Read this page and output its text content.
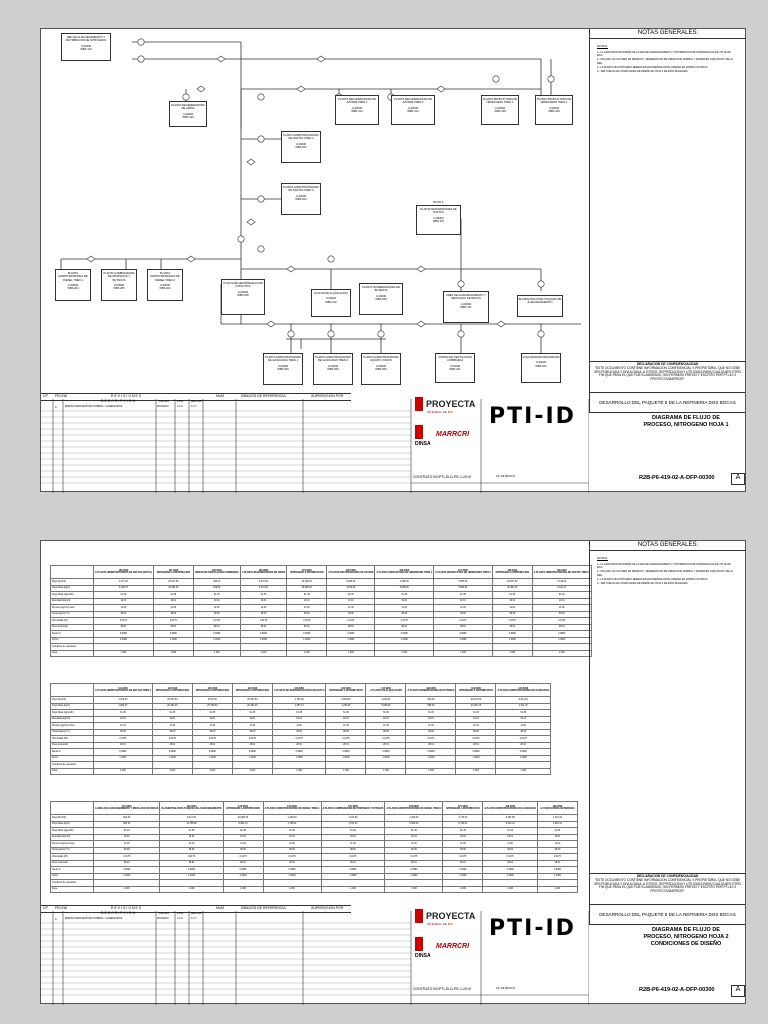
RED DE ALMACENAMIENTO Y DISTRIBUCION DE NITROGENO
U-00000
WBS 419
PLANTA REGENERADORA DE AMINA
U-00000
WBS 413
PLANTA RECUPERADORA DE AZUFRE TREN 1
U-00000
WBS 414
PLANTA RECUPERADORA DE AZUFRE TREN 2
U-00000
WBS 414
PLANTA PRODUCTORA DE HIDROGENO TREN 1
U-00000
WBS 418
PLANTA PRODUCTORA DE HIDROGENO TREN 2
U-00000
WBS 418
PLANTA HIDROTRATADORA DE NAFTAS TREN 1
U-00000
WBS 203
PLANTA HIDROTRATADORA DE NAFTAS TREN 2
U-00000
WBS 203
NOTA 2
PLANTA REFORMADORA DE NAFTAS
U-00000
WBS 207
PLANTA HIDROTRATADORA DE DIESEL TREN 1
U-00000
WBS 204
PLANTA COMBINADORA DE PROPANOS Y BUTANOS
U-00000
WBS 205
PLANTA HIDROTRATADORA DE DIESEL TREN 2
U-00000
WBS 204
PLANTA DE DESINTEGRACION CATALITICA
U-00000
WBS 208
PLANTA DE ALQUILACION
U-00000
WBS 212
PLANTA ISOMERIZADORA DE BUTANOS
U-00000
WBS 209
AREA DE ALMACENAMIENTO Y MEZCLADO DE BOCAS
U-00000
WBS 421
BLANKETING PARA TANQUES DE ALMACENAMIENTO
PLANTA HIDROTRATADORA DE GASOLINAS TREN 1
U-00000
WBS 209
PLANTA HIDROTRATADORA DE GASOLINAS TREN 2
U-00000
WBS 209
PLANTA HIDROTRATADORA EQUIPO COMUN
U-00000
WBS 209
UNIDAD DE DESTILACION COMBINADA
U-00000
WBS 201
COQUIZADORA RETARDADA
U-00000
WBS 202
NOTAS GENERALES:
NOTAS:
1.- LA CAPACIDAD DE DISEÑO DE LA RED DE ALMACENAMIENTO Y DISTRIBUCION DE NITROGENO ES DE 750 Nm3/h MAX.
2.- INCLUIR LOS VALORES DE PRESION Y TEMPERATURA DE OPERACION NORMAL Y MAXIMA EN CADA PUNTO DE LA RED.
3.- LA PLANTA DE NITROGENO DEBERA ESTAR DISEÑADA PARA OPERAR EN FORMA CONTINUA.
4.- VER TABLAS DE CONDICIONES DE DISEÑO EN HOJA 2 DE ESTE DIAGRAMA.
DECLARACION DE CONFIDENCIALIDAD
"ESTE DOCUMENTO CONTIENE INFORMACION CONFIDENCIAL Y PROPIETARIA, QUE NO DEBE SER PUBLICADA Y DIVULGADA. A OTROS, REPRODUCIDA Y UTILIZADA PARA CUALQUIER OTRO FIN QUE PARA EL QUE FUE ELABORADO, SIN PERMISO PREVIO Y ESCRITO POR PTI-ID O PROYECTA/MARRCRI"
CP FECHA	R E V I S I O N E S	NUM	DIBUJOS DE REFERENCIA	SUPERVISION POR
D E S C R I P C I O N	FECHA	POR REVISO
A	EMITIDO PARA REVISION INTERNA - COMENTARIOS	20/02/2019	J.C.S.	J.C.T.	PROYECTA
INTEGRAL DE IDS
DINSA
MARRCRI
PTI-ID
CONTRATO NO. PTI-ID-D-PR-1-2019	CD. DE MEXICO
DESARROLLO DEL PAQUETE 6 DE LA REFINERIA DOS BOCAS
DIAGRAMA DE FLUJO DE PROCESO, NITROGENO HOJA 1
R2B-P6-419-02-A-DFP-00300	A
	100-0000
A PLANTA HIDROTRATADORA DE NAFTAS (NOTA1)	101-0000
NITROGENO A DISTRIBUCION	102-0000
UNIDAD DE DESTILACION COMBINADA	103-0000
A PLANTA REGENERADORA DE AMINA	104-0000
NITROGENO A DISTRIBUCION	105-0000
A PLANTA RECUPERADORA DE AZUFRE	106-0000
A PLANTA PRODUCTORA DE HIDROGENO TREN 1	107-0000
A PLANTA PRODUCTORA DE HIDROGENO TREN 2	108-0000
NITROGENO A DISTRIBUCION	109-0000
A PLANTA HIDROTRATADORA DE NAFTAS TREN 1
Flujo (Nm3/h)	2,177.00	25,527.50	480.00	5,047.50	20,000.00	5,595.00	5,595.00	5,595.00	25,527.50	1,619.00
Flujo Masa (kg/h)	5,108.75	29,381.25	558.80	6,307.50	25,995.00	4,870.50	5,908.90	5,908.90	20,381.25	1,621.17
Flujo Molar (kgmol/h)	61.35	61.35	61.35	61.35	61.35	61.35	61.35	61.35	61.35	61.35
Densidad (kg/m3)	19.01	19.01	19.01	19.01	19.01	19.01	19.01	19.01	19.01	19.01
Presion (kg/cm2 man)	11.00	11.00	11.00	11.00	11.00	11.00	11.00	11.00	11.00	11.00
Temperatura (°C)	38.00	38.00	38.00	38.00	38.00	38.00	38.00	38.00	38.00	38.00
Viscosidad (cP)	0.0175	0.0175	0.0175	0.0175	0.0175	0.0175	0.0175	0.0175	0.0175	0.0175
Peso molecular	28.01	28.01	28.01	28.01	28.01	28.01	28.01	28.01	28.01	28.01
Factor Z	0.9990	0.9990	0.9990	0.9990	0.9990	0.9990	0.9990	0.9990	0.9990	0.9990
Cp/Cv	1.4000	1.4000	1.4000	1.4000	1.4000	1.4000	1.4000	1.4000	1.4000	1.4000
Condicion de operacion										
Fase	1.000	1.000	1.000	1.000	1.000	1.000	1.000	1.000	1.000	1.000
	111-0000
A PLANTA HIDROTRATADORA DE NAFTAS TREN 2	112-0000
NITROGENO A DISTRIBUCION	113-0000
NITROGENO A DISTRIBUCION	114-0000
NITROGENO A DISTRIBUCION	115-0000
A PLANTA DE DESINTEGRACION CATALITICA	116-0000
NITROGENO A DISTRIBUCION	117-0000
A PLANTA DE ALQUILACION	118-0000
A PLANTA ISOMERIZADORA DE BUTANOS	119-0000
NITROGENO A DISTRIBUCION	120-0000
A PLANTA HIDROTRATADORA DE GASOLINAS
Flujo (Nm3/h)	1,619.00	25,527.50	5,047.50	25,427.50	1,750.00	9,500.00	1,040.00	520.00	20,427.50	5,814.91
Flujo Masa (kg/h)	1,962.07	20,381.25	25,769.00	20,381.25	1,357.13	1,299.00	5,999.00	588.00	20,381.25	1,511.87
Flujo Molar (kgmol/h)	61.35	61.35	61.35	61.35	61.35	61.35	61.35	61.35	61.35	61.35
Densidad (kg/m3)	19.01	19.01	19.01	19.01	19.01	19.01	19.01	19.01	19.01	19.01
Presion (kg/cm2 man)	11.00	11.00	11.00	11.00	11.00	11.00	11.00	11.00	11.00	11.00
Temperatura (°C)	38.00	38.00	38.00	38.00	38.00	38.00	38.00	38.00	38.00	38.00
Viscosidad (cP)	0.0175	0.0175	0.0175	0.0175	0.0175	0.0175	0.0175	0.0175	0.0175	0.0175
Peso molecular	28.01	28.01	28.01	28.01	28.01	28.01	28.01	28.01	28.01	28.01
Factor Z	0.9990	0.9990	0.9990	0.9990	0.9990	0.9990	0.9990	0.9990	0.9990	0.9990
Cp/Cv	1.4000	1.4000	1.4000	1.4000	1.4000	1.4000	1.4000	1.4000	1.4000	1.4000
Condicion de operacion										
Fase	1.000	1.000	1.000	1.000	1.000	1.000	1.000	1.000	1.000	1.000
	121-0000
A AREA DE ALMACENAMIENTO Y MEZCLADO DE BOCAS	122-0000
BLANKETING PARA TANQUES DE ALMACENAMIENTO	123-0000
NITROGENO A DISTRIBUCION	124-0000
A PLANTA HIDROTRATADORA DE DIESEL TREN 1	125-0000
A PLANTA COMBINADORA DE PROPANOS Y BUTANOS	126-0000
A PLANTA HIDROTRATADORA DE DIESEL TREN 2	127-0000
NITROGENO A DISTRIBUCION	128-0000
A PLANTA HIDROTRATADORA DE GASOLINAS	129-0000
A COQUIZADORA RETARDADA
Flujo (Nm3/h)	601.00	9,417.00	20,000.00	1,200.00	1,010.00	1,200.00	4,770.00	5,487.85	1,151.10
Flujo Masa (kg/h)	685.34	11,758.88	5,981.13	1,765.11	1,762.12	5,000.00	5,760.11	5,410.13	1,362.13
Flujo Molar (kgmol/h)	61.35	61.35	61.35	61.35	61.35	61.35	61.35	61.35	61.35
Densidad (kg/m3)	19.01	19.01	19.01	19.01	19.01	19.01	19.01	19.01	19.01
Presion (kg/cm2 man)	11.00	11.00	11.00	11.00	11.00	11.00	11.00	11.00	11.00
Temperatura (°C)	38.00	38.00	38.00	38.00	38.00	38.00	38.00	38.00	38.00
Viscosidad (cP)	0.0175	0.0175	0.0175	0.0175	0.0175	0.0175	0.0175	0.0175	0.0175
Peso molecular	28.01	28.01	28.01	28.01	28.01	28.01	28.01	28.01	28.01
Factor Z	0.9990	0.9990	0.9990	0.9990	0.9990	0.9990	0.9990	0.9990	0.9990
Cp/Cv	1.4000	1.4000	1.4000	1.4000	1.4000	1.4000	1.4000	1.4000	1.4000
Condicion de operacion									
Fase	1.000	1.000	1.000	1.000	1.000	1.000	1.000	1.000	1.000
NOTAS GENERALES:
NOTAS:
1.- LA CAPACIDAD DE DISEÑO DE LA RED DE ALMACENAMIENTO Y DISTRIBUCION DE NITROGENO ES DE 750 Nm3/h MAX.
2.- INCLUIR LOS VALORES DE PRESION Y TEMPERATURA DE OPERACION NORMAL Y MAXIMA EN CADA PUNTO DE LA RED.
3.- LA PLANTA DE NITROGENO DEBERA ESTAR DISEÑADA PARA OPERAR EN FORMA CONTINUA.
4.- VER TABLAS DE CONDICIONES DE DISEÑO EN HOJA 2 DE ESTE DIAGRAMA.
DECLARACION DE CONFIDENCIALIDAD
"ESTE DOCUMENTO CONTIENE INFORMACION CONFIDENCIAL Y PROPIETARIA, QUE NO DEBE SER PUBLICADA Y DIVULGADA. A OTROS, REPRODUCIDA Y UTILIZADA PARA CUALQUIER OTRO FIN QUE PARA EL QUE FUE ELABORADO, SIN PERMISO PREVIO Y ESCRITO POR PTI-ID O PROYECTA/MARRCRI"
CP FECHA	R E V I S I O N E S	NUM	DIBUJOS DE REFERENCIA	SUPERVISION POR
D E S C R I P C I O N	FECHA	POR REVISO
A	EMITIDO PARA REVISION INTERNA - COMENTARIOS	20/02/2019	J.C.S.	J.C.T.	PROYECTA
INTEGRAL DE IDS
DINSA
MARRCRI
PTI-ID
CONTRATO NO. PTI-ID-D-PR-1-2019	CD. DE MEXICO
DESARROLLO DEL PAQUETE 6 DE LA REFINERIA DOS BOCAS
DIAGRAMA DE FLUJO DE PROCESO, NITROGENO HOJA 2 CONDICIONES DE DISEÑO
R2B-P6-419-02-A-DFP-00300	A
